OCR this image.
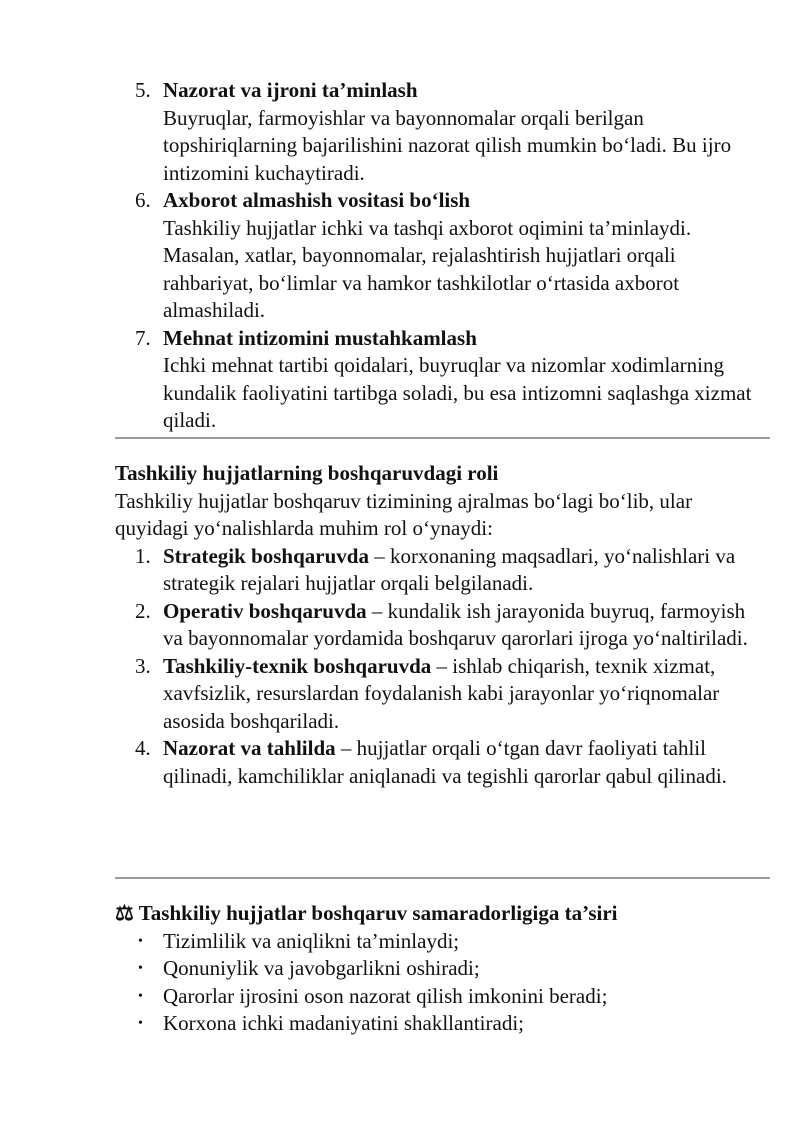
5. Nazorat va ijroni ta’minlash
Buyruqlar, farmoyishlar va bayonnomalar orqali berilgan topshiriqlarning bajarilishini nazorat qilish mumkin bo‘ladi. Bu ijro intizomini kuchaytiradi.
6. Axborot almashish vositasi bo‘lish
Tashkiliy hujjatlar ichki va tashqi axborot oqimini ta’minlaydi. Masalan, xatlar, bayonnomalar, rejalashtirish hujjatlari orqali rahbariyat, bo‘limlar va hamkor tashkilotlar o‘rtasida axborot almashiladi.
7. Mehnat intizomini mustahkamlash
Ichki mehnat tartibi qoidalari, buyruqlar va nizomlar xodimlarning kundalik faoliyatini tartibga soladi, bu esa intizomni saqlashga xizmat qiladi.
Tashkiliy hujjatlarning boshqaruvdagi roli
Tashkiliy hujjatlar boshqaruv tizimining ajralmas bo‘lagi bo‘lib, ular quyidagi yo‘nalishlarda muhim rol o‘ynaydi:
1. Strategik boshqaruvda – korxonaning maqsadlari, yo‘nalishlari va strategik rejalari hujjatlar orqali belgilanadi.
2. Operativ boshqaruvda – kundalik ish jarayonida buyruq, farmoyish va bayonnomalar yordamida boshqaruv qarorlari ijroga yo‘naltiriladi.
3. Tashkiliy-texnik boshqaruvda – ishlab chiqarish, texnik xizmat, xavfsizlik, resurslardan foydalanish kabi jarayonlar yo‘riqnomalar asosida boshqariladi.
4. Nazorat va tahlilda – hujjatlar orqali o‘tgan davr faoliyati tahlil qilinadi, kamchiliklar aniqlanadi va tegishli qarorlar qabul qilinadi.
⚖ Tashkiliy hujjatlar boshqaruv samaradorligiga ta’siri
• Tizimlilik va aniqlikni ta’minlaydi;
• Qonuniylik va javobgarlikni oshiradi;
• Qarorlar ijrosini oson nazorat qilish imkonini beradi;
• Korxona ichki madaniyatini shakllantiradi;
